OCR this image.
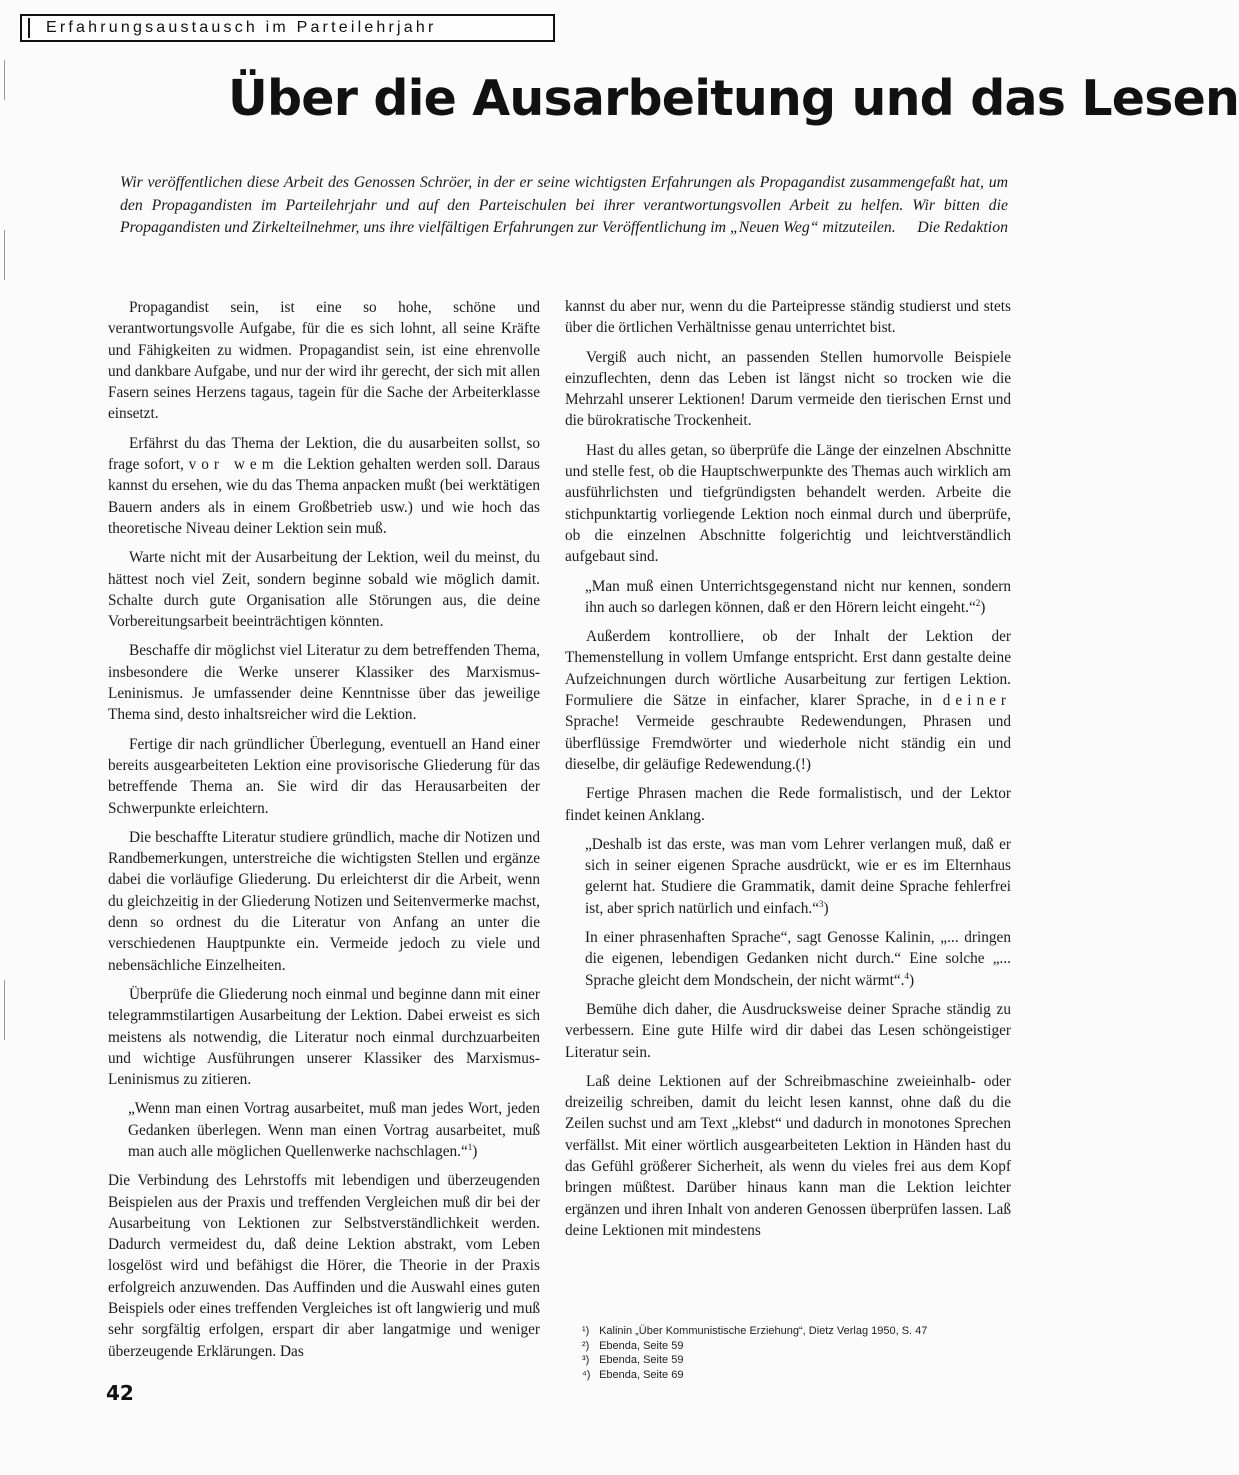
Erfahrungsaustausch im Parteilehrjahr
Über die Ausarbeitung und das Lesen
Wir veröffentlichen diese Arbeit des Genossen Schröer, in der er seine wichtigsten Erfahrungen als Propagandist zusammengefaßt hat, um den Propagandisten im Parteilehrjahr und auf den Parteischulen bei ihrer verantwortungsvollen Arbeit zu helfen. Wir bitten die Propagandisten und Zirkelteilnehmer, uns ihre vielfältigen Erfahrungen zur Veröffentlichung im „Neuen Weg“ mitzuteilen. Die Redaktion

Propagandist sein, ist eine so hohe, schöne und verantwortungsvolle Aufgabe, für die es sich lohnt, all seine Kräfte und Fähigkeiten zu widmen. Propagandist sein, ist eine ehrenvolle und dankbare Aufgabe, und nur der wird ihr gerecht, der sich mit allen Fasern seines Herzens tagaus, tagein für die Sache der Arbeiterklasse einsetzt.

Erfährst du das Thema der Lektion, die du ausarbeiten sollst, so frage sofort, vor wem die Lektion gehalten werden soll. Daraus kannst du ersehen, wie du das Thema anpacken mußt (bei werktätigen Bauern anders als in einem Großbetrieb usw.) und wie hoch das theoretische Niveau deiner Lektion sein muß.

Warte nicht mit der Ausarbeitung der Lektion, weil du meinst, du hättest noch viel Zeit, sondern beginne sobald wie möglich damit. Schalte durch gute Organisation alle Störungen aus, die deine Vorbereitungsarbeit beeinträchtigen könnten.

Beschaffe dir möglichst viel Literatur zu dem betreffenden Thema, insbesondere die Werke unserer Klassiker des Marxismus-Leninismus. Je umfassender deine Kenntnisse über das jeweilige Thema sind, desto inhaltsreicher wird die Lektion.

Fertige dir nach gründlicher Überlegung, eventuell an Hand einer bereits ausgearbeiteten Lektion eine provisorische Gliederung für das betreffende Thema an. Sie wird dir das Herausarbeiten der Schwerpunkte erleichtern.

Die beschaffte Literatur studiere gründlich, mache dir Notizen und Randbemerkungen, unterstreiche die wichtigsten Stellen und ergänze dabei die vorläufige Gliederung. Du erleichterst dir die Arbeit, wenn du gleichzeitig in der Gliederung Notizen und Seitenvermerke machst, denn so ordnest du die Literatur von Anfang an unter die verschiedenen Hauptpunkte ein. Vermeide jedoch zu viele und nebensächliche Einzelheiten.

Überprüfe die Gliederung noch einmal und beginne dann mit einer telegrammstilartigen Ausarbeitung der Lektion. Dabei erweist es sich meistens als notwendig, die Literatur noch einmal durchzuarbeiten und wichtige Ausführungen unserer Klassiker des Marxismus-Leninismus zu zitieren.

„Wenn man einen Vortrag ausarbeitet, muß man jedes Wort, jeden Gedanken überlegen. Wenn man einen Vortrag ausarbeitet, muß man auch alle möglichen Quellenwerke nachschlagen.“$^1$)

Die Verbindung des Lehrstoffs mit lebendigen und überzeugenden Beispielen aus der Praxis und treffenden Vergleichen muß dir bei der Ausarbeitung von Lektionen zur Selbstverständlichkeit werden. Dadurch vermeidest du, daß deine Lektion abstrakt, vom Leben losgelöst wird und befähigst die Hörer, die Theorie in der Praxis erfolgreich anzuwenden. Das Auffinden und die Auswahl eines guten Beispiels oder eines treffenden Vergleiches ist oft langwierig und muß sehr sorgfältig erfolgen, erspart dir aber langatmige und weniger überzeugende Erklärungen. Das

kannst du aber nur, wenn du die Parteipresse ständig studierst und stets über die örtlichen Verhältnisse genau unterrichtet bist.

Vergiß auch nicht, an passenden Stellen humorvolle Beispiele einzuflechten, denn das Leben ist längst nicht so trocken wie die Mehrzahl unserer Lektionen! Darum vermeide den tierischen Ernst und die bürokratische Trockenheit.

Hast du alles getan, so überprüfe die Länge der einzelnen Abschnitte und stelle fest, ob die Hauptschwerpunkte des Themas auch wirklich am ausführlichsten und tiefgründigsten behandelt werden. Arbeite die stichpunktartig vorliegende Lektion noch einmal durch und überprüfe, ob die einzelnen Abschnitte folgerichtig und leichtverständlich aufgebaut sind.

„Man muß einen Unterrichtsgegenstand nicht nur kennen, sondern ihn auch so darlegen können, daß er den Hörern leicht eingeht.“$^2$)

Außerdem kontrolliere, ob der Inhalt der Lektion der Themenstellung in vollem Umfange entspricht. Erst dann gestalte deine Aufzeichnungen durch wörtliche Ausarbeitung zur fertigen Lektion. Formuliere die Sätze in einfacher, klarer Sprache, in deiner Sprache! Vermeide geschraubte Redewendungen, Phrasen und überflüssige Fremdwörter und wiederhole nicht ständig ein und dieselbe, dir geläufige Redewendung.(!)

Fertige Phrasen machen die Rede formalistisch, und der Lektor findet keinen Anklang.

„Deshalb ist das erste, was man vom Lehrer verlangen muß, daß er sich in seiner eigenen Sprache ausdrückt, wie er es im Elternhaus gelernt hat. Studiere die Grammatik, damit deine Sprache fehlerfrei ist, aber sprich natürlich und einfach.“$^3$)

In einer phrasenhaften Sprache“, sagt Genosse Kalinin, „... dringen die eigenen, lebendigen Gedanken nicht durch.“ Eine solche „... Sprache gleicht dem Mondschein, der nicht wärmt“.$^4$)

Bemühe dich daher, die Ausdrucksweise deiner Sprache ständig zu verbessern. Eine gute Hilfe wird dir dabei das Lesen schöngeistiger Literatur sein.

Laß deine Lektionen auf der Schreibmaschine zweieinhalb- oder dreizeilig schreiben, damit du leicht lesen kannst, ohne daß du die Zeilen suchst und am Text „klebst“ und dadurch in monotones Sprechen verfällst. Mit einer wörtlich ausgearbeiteten Lektion in Händen hast du das Gefühl größerer Sicherheit, als wenn du vieles frei aus dem Kopf bringen müßtest. Darüber hinaus kann man die Lektion leichter ergänzen und ihren Inhalt von anderen Genossen überprüfen lassen. Laß deine Lektionen mit mindestens

¹) Kalinin „Über Kommunistische Erziehung“, Dietz Verlag 1950, S. 47
²) Ebenda, Seite 59
³) Ebenda, Seite 59
⁴) Ebenda, Seite 69
42
